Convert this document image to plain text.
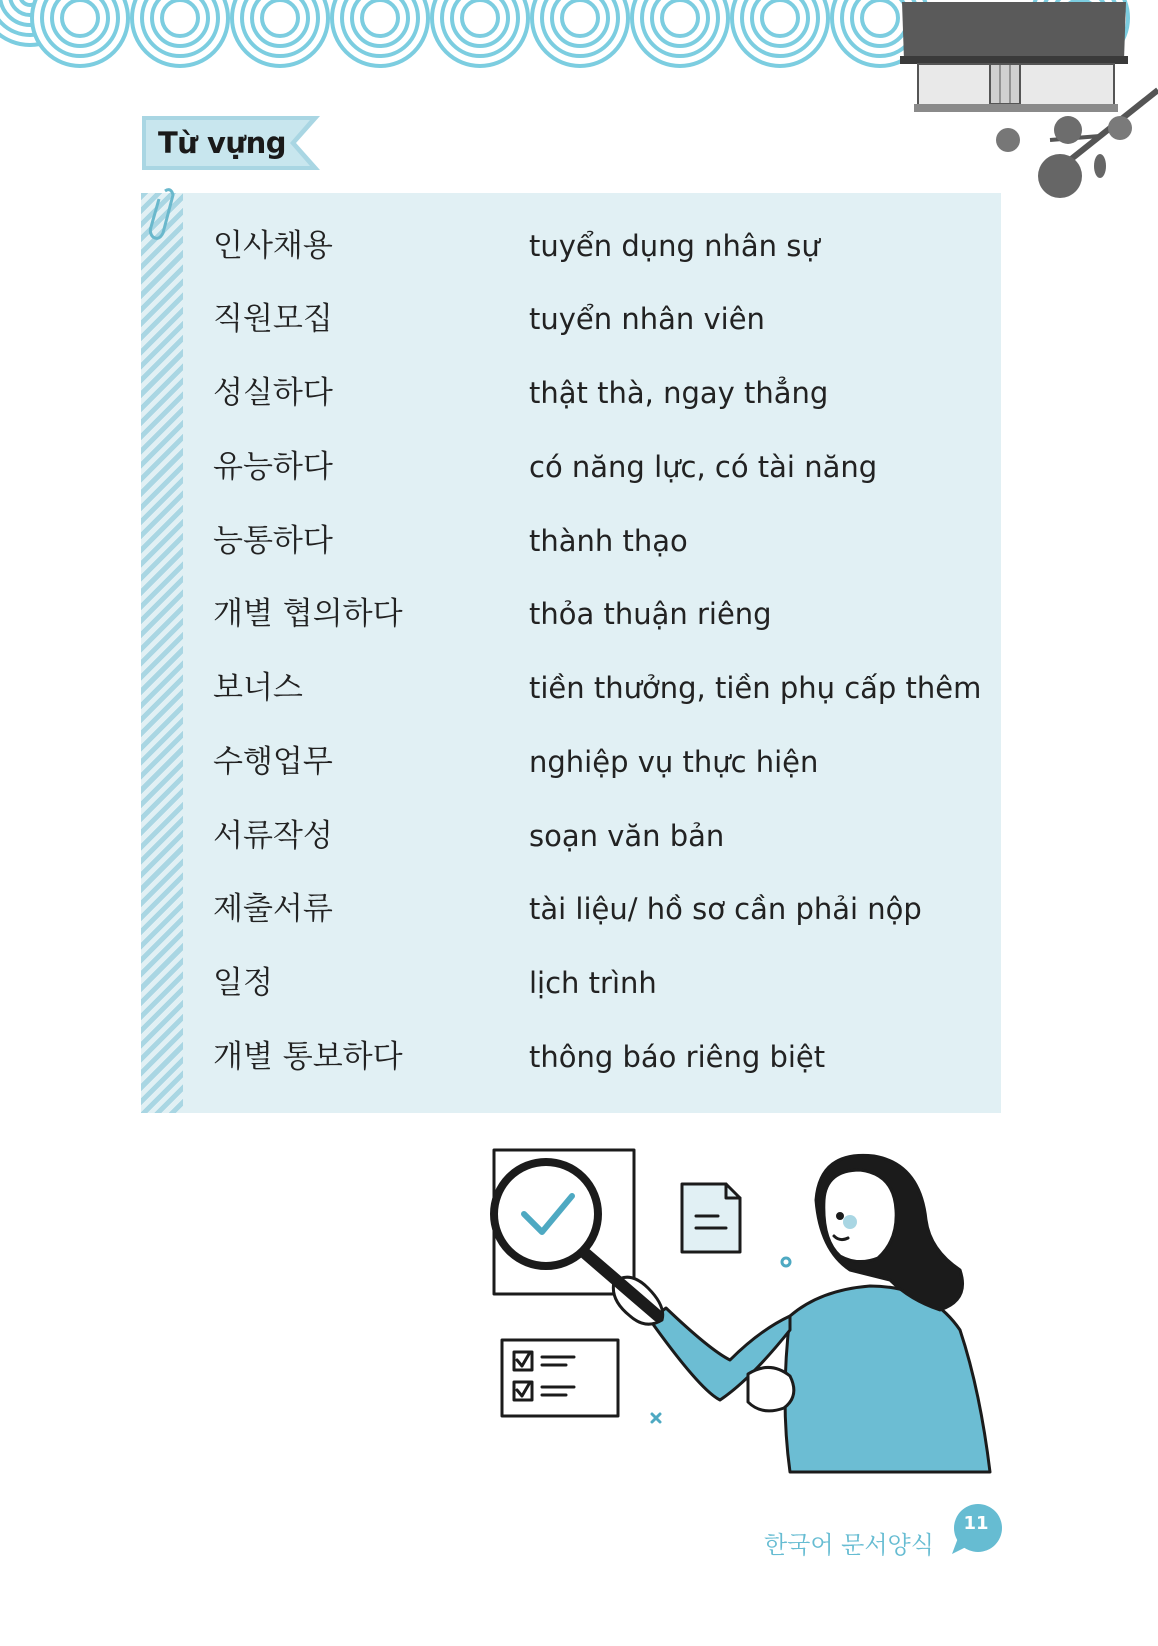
Từ vựng
인사채용	tuyển dụng nhân sự
직원모집	tuyển nhân viên
성실하다	thật thà, ngay thẳng
유능하다	có năng lực, có tài năng
능통하다	thành thạo
개별 협의하다	thỏa thuận riêng
보너스	tiền thưởng, tiền phụ cấp thêm
수행업무	nghiệp vụ thực hiện
서류작성	soạn văn bản
제출서류	tài liệu/ hồ sơ cần phải nộp
일정	lịch trình
개별 통보하다	thông báo riêng biệt
한국어 문서양식
11
